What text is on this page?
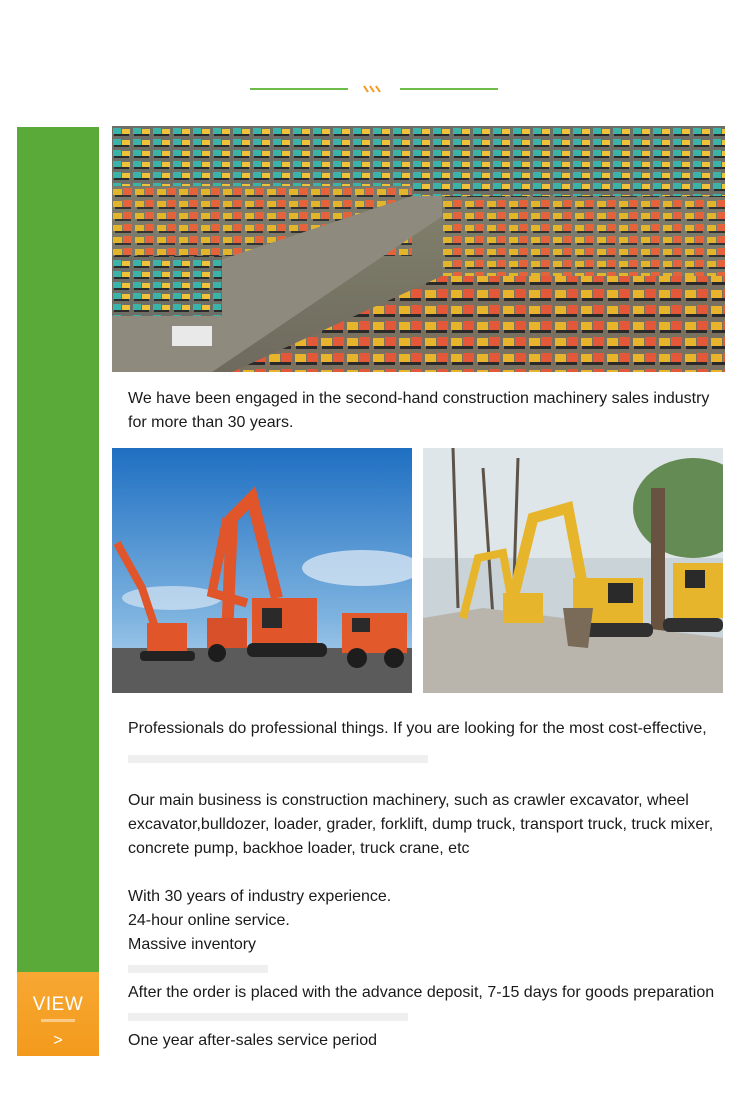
VIEW
>
We have been engaged in the second-hand construction machinery sales industry for more than 30 years.
Professionals do professional things. If you are looking for the most cost-effective,
Our main business is construction machinery, such as crawler excavator, wheel excavator,bulldozer, loader, grader, forklift, dump truck, transport truck, truck mixer, concrete pump, backhoe loader, truck crane, etc

With 30 years of industry experience.

24-hour online service.

Massive inventory

After the order is placed with the advance deposit, 7-15 days for goods preparation
One year after-sales service period
